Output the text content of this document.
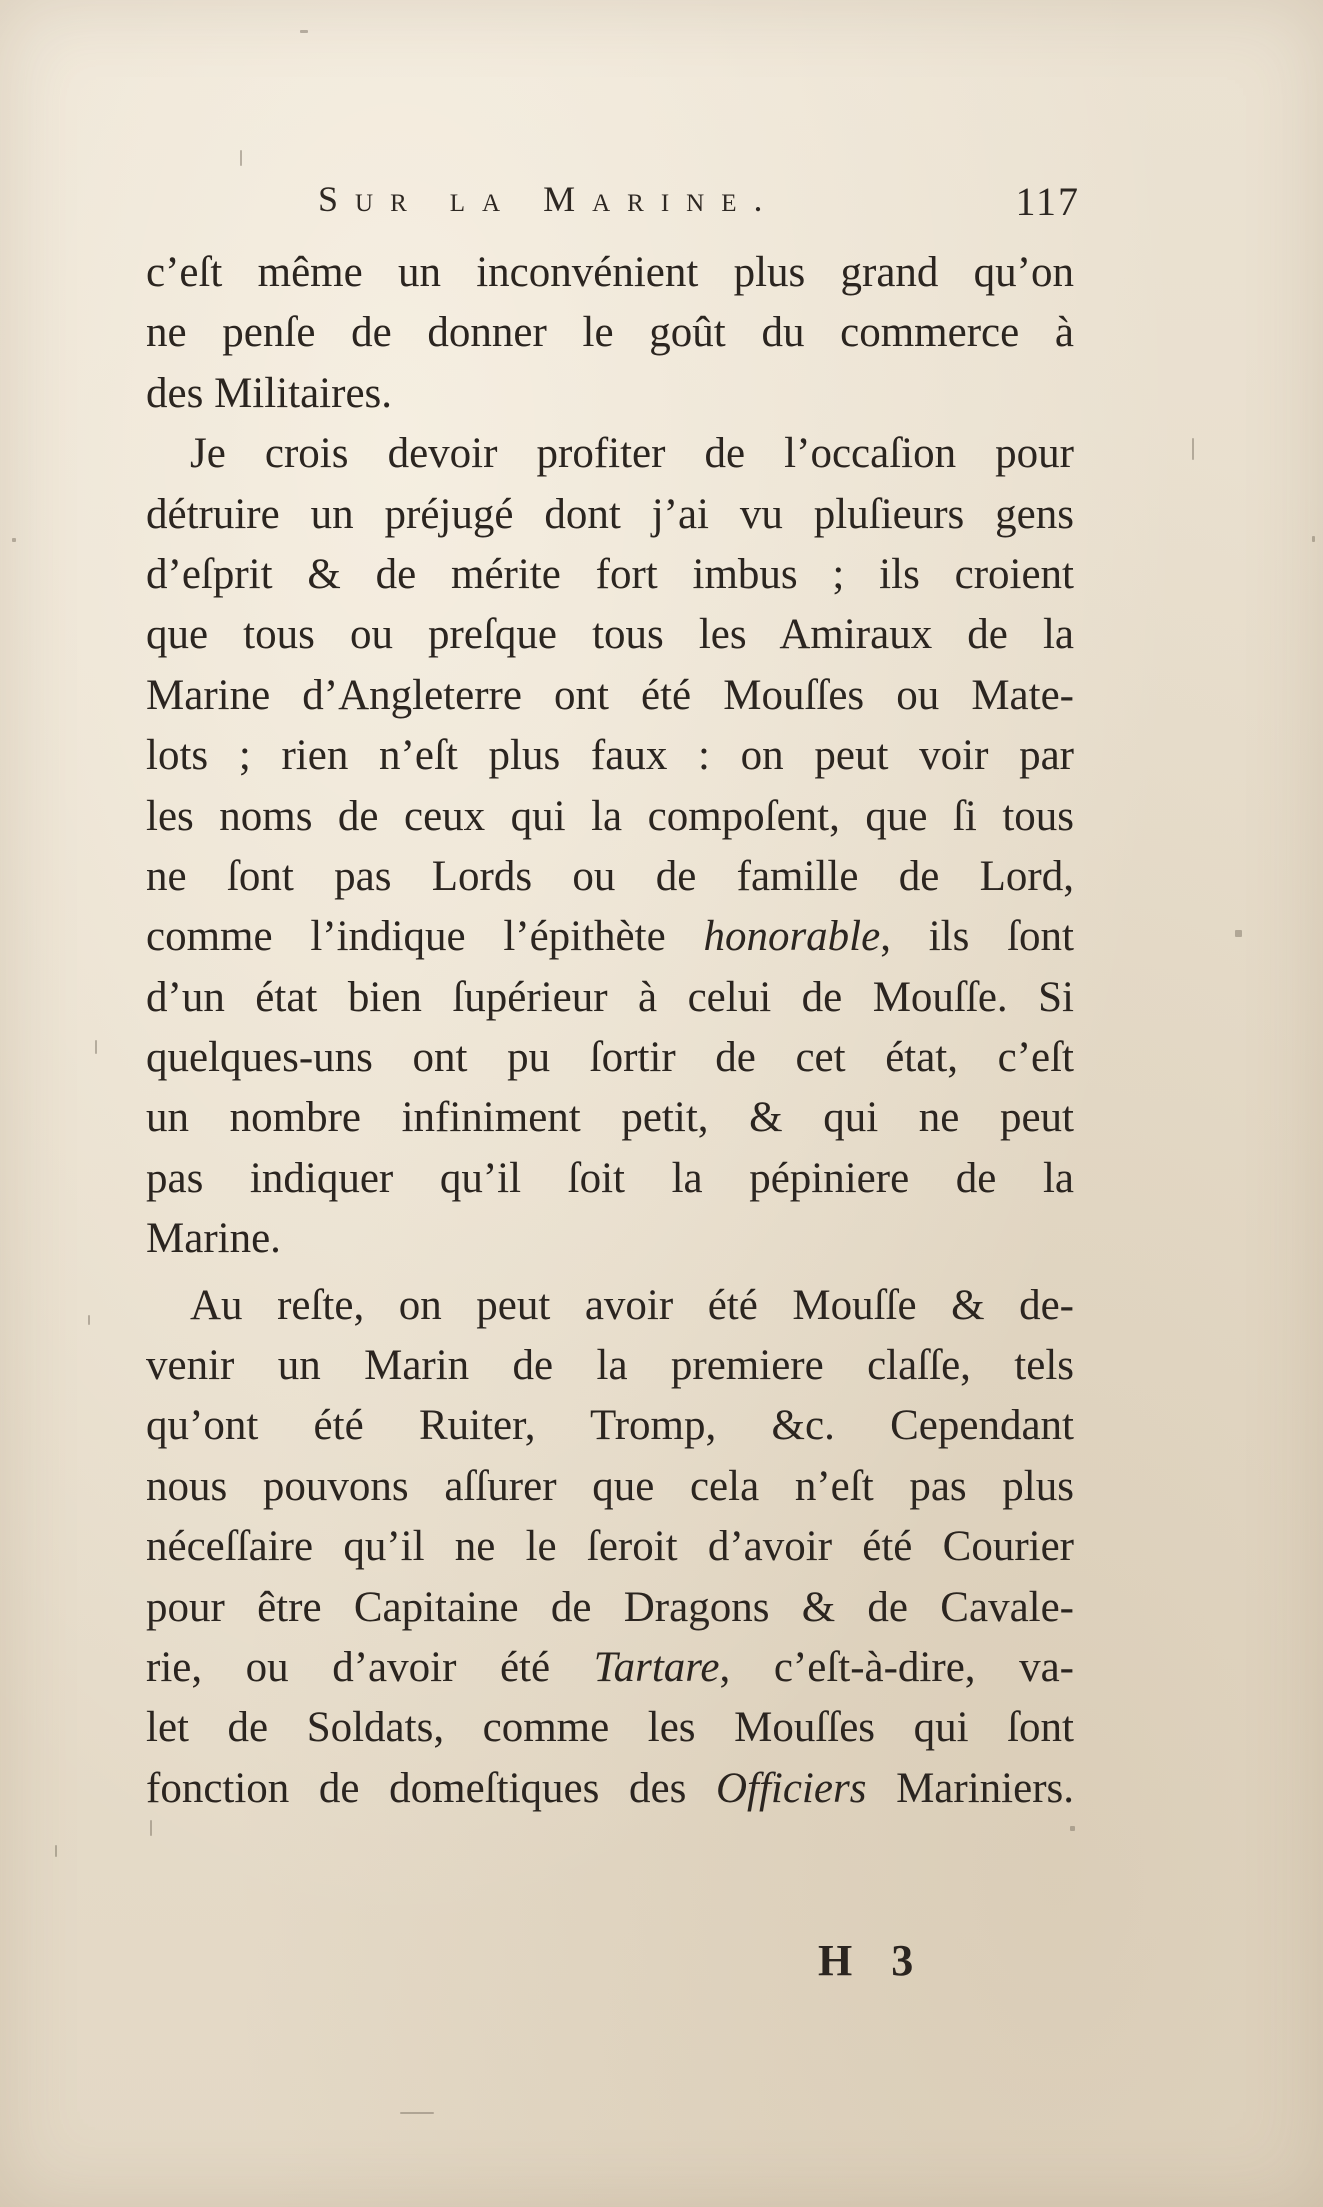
Sur la Marine.	117
c’eſt même un inconvénient plus grand qu’on
ne penſe de donner le goût du commerce à
des Militaires.
Je crois devoir profiter de l’occaſion pour
détruire un préjugé dont j’ai vu pluſieurs gens
d’eſprit & de mérite fort imbus ; ils croient
que tous ou preſque tous les Amiraux de la
Marine d’Angleterre ont été Mouſſes ou Mate-
lots ; rien n’eſt plus faux : on peut voir par
les noms de ceux qui la compoſent, que ſi tous
ne ſont pas Lords ou de famille de Lord,
comme l’indique l’épithète honorable, ils ſont
d’un état bien ſupérieur à celui de Mouſſe. Si
quelques-uns ont pu ſortir de cet état, c’eſt
un nombre infiniment petit, & qui ne peut
pas indiquer qu’il ſoit la pépiniere de la
Marine.
Au reſte, on peut avoir été Mouſſe & de-
venir un Marin de la premiere claſſe, tels
qu’ont été Ruiter, Tromp, &c. Cependant
nous pouvons aſſurer que cela n’eſt pas plus
néceſſaire qu’il ne le ſeroit d’avoir été Courier
pour être Capitaine de Dragons & de Cavale-
rie, ou d’avoir été Tartare, c’eſt-à-dire, va-
let de Soldats, comme les Mouſſes qui ſont
fonction de domeſtiques des Officiers Mariniers.
H 3
